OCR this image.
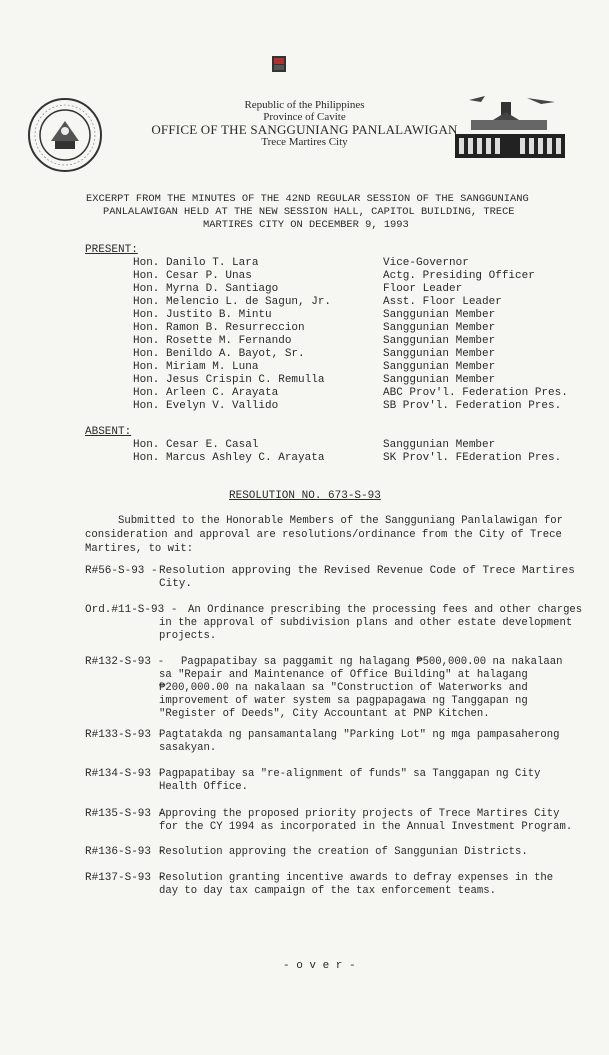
Republic of the Philippines
Province of Cavite
OFFICE OF THE SANGGUNIANG PANLALAWIGAN
Trece Martires City
EXCERPT FROM THE MINUTES OF THE 42ND REGULAR SESSION OF THE SANGGUNIANG
PANLALAWIGAN HELD AT THE NEW SESSION HALL, CAPITOL BUILDING, TRECE
MARTIRES CITY ON DECEMBER 9, 1993
PRESENT:
Hon. Danilo T. Lara	Vice-Governor
Hon. Cesar P. Unas	Actg. Presiding Officer
Hon. Myrna D. Santiago	Floor Leader
Hon. Melencio L. de Sagun, Jr.	Asst. Floor Leader
Hon. Justito B. Mintu	Sanggunian Member
Hon. Ramon B. Resurreccion	Sanggunian Member
Hon. Rosette M. Fernando	Sanggunian Member
Hon. Benildo A. Bayot, Sr.	Sanggunian Member
Hon. Miriam M. Luna	Sanggunian Member
Hon. Jesus Crispin C. Remulla	Sanggunian Member
Hon. Arleen C. Arayata	ABC Prov'l. Federation Pres.
Hon. Evelyn V. Vallido	SB Prov'l. Federation Pres.
ABSENT:
Hon. Cesar E. Casal	Sanggunian Member
Hon. Marcus Ashley C. Arayata	SK Prov'l. FEderation Pres.
RESOLUTION NO. 673-S-93
Submitted to the Honorable Members of the Sangguniang Panlalawigan for
consideration and approval are resolutions/ordinance from the City of Trece
Martires, to wit:
R#56-S-93 - Resolution approving the Revised Revenue Code of Trece Martires
City.
Ord.#11-S-93 - An Ordinance prescribing the processing fees and other charges
in the approval of subdivision plans and other estate development
projects.
R#132-S-93 - Pagpapatibay sa paggamit ng halagang ₱500,000.00 na nakalaan
sa "Repair and Maintenance of Office Building" at halagang
₱200,000.00 na nakalaan sa "Construction of Waterworks and
improvement of water system sa pagpapagawa ng Tanggapan ng
"Register of Deeds", City Accountant at PNP Kitchen.
R#133-S-93 -
Pagtatakda ng pansamantalang "Parking Lot" ng mga pampasaherong
sasakyan.
R#134-S-93 -
Pagpapatibay sa "re-alignment of funds" sa Tanggapan ng City
Health Office.
R#135-S-93 -
Approving the proposed priority projects of Trece Martires City
for the CY 1994 as incorporated in the Annual Investment Program.
R#136-S-93 -
Resolution approving the creation of Sanggunian Districts.
R#137-S-93 -
Resolution granting incentive awards to defray expenses in the
day to day tax campaign of the tax enforcement teams.
- o v e r -
